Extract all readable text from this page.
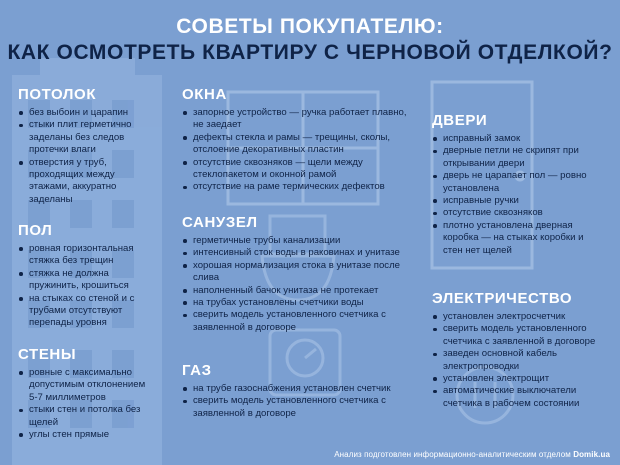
СОВЕТЫ ПОКУПАТЕЛЮ:
КАК ОСМОТРЕТЬ КВАРТИРУ С ЧЕРНОВОЙ ОТДЕЛКОЙ?
ПОТОЛОК
без выбоин и царапин
стыки плит герметично заделаны без следов протечки влаги
отверстия у труб, проходящих между этажами, аккуратно заделаны
ПОЛ
ровная горизонтальная стяжка без трещин
стяжка не должна пружинить, крошиться
на стыках со стеной и с трубами отсутствуют перепады уровня
СТЕНЫ
ровные с максимально допустимым отклонением 5-7 миллиметров
стыки стен и потолка без щелей
углы стен прямые
ОКНА
запорное устройство — ручка работает плавно, не заедает
дефекты стекла и рамы — трещины, сколы, отслоение декоративных пластин
отсутствие сквозняков — щели между стеклопакетом и оконной рамой
отсутствие на раме термических дефектов
САНУЗЕЛ
герметичные трубы канализации
интенсивный сток воды в раковинах и унитазе
хорошая нормализация стока в унитазе после слива
наполненный бачок унитаза не протекает
на трубах установлены счетчики воды
сверить модель установленного счетчика с заявленной в договоре
ГАЗ
на трубе газоснабжения установлен счетчик
сверить модель установленного счетчика с заявленной в договоре
ДВЕРИ
исправный замок
дверные петли не скрипят при открывании двери
дверь не царапает пол — ровно установлена
исправные ручки
отсутствие сквозняков
плотно установлена дверная коробка — на стыках коробки и стен нет щелей
ЭЛЕКТРИЧЕСТВО
установлен электросчетчик
сверить модель установленного счетчика с заявленной в договоре
заведен основной кабель электропроводки
установлен электрощит
автоматические выключатели счетчика в рабочем состоянии
Анализ подготовлен информационно-аналитическим отделом Domik.ua
